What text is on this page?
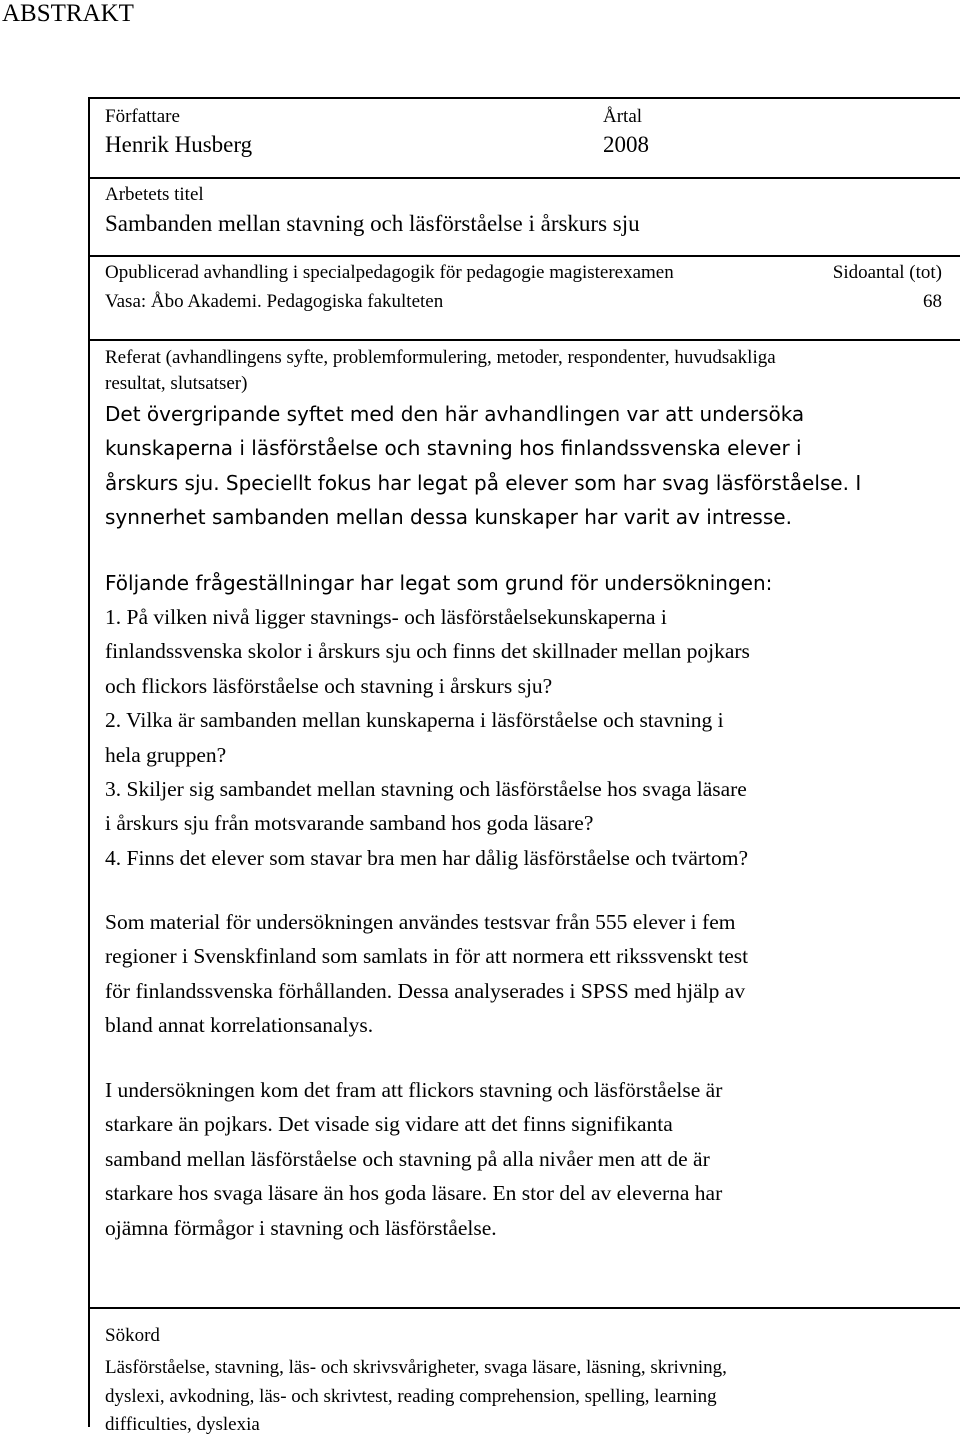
ABSTRAKT
Författare
Henrik Husberg
Årtal
2008
Arbetets titel
Sambanden mellan stavning och läsförståelse i årskurs sju
Opublicerad avhandling i specialpedagogik för pedagogie magisterexamen
Vasa: Åbo Akademi. Pedagogiska fakulteten
Sidoantal (tot)
68
Referat (avhandlingens syfte, problemformulering, metoder, respondenter, huvudsakliga
resultat, slutsatser)

Det övergripande syftet med den här avhandlingen var att undersöka

kunskaperna i läsförståelse och stavning hos finlandssvenska elever i

årskurs sju. Speciellt fokus har legat på elever som har svag läsförståelse. I

synnerhet sambanden mellan dessa kunskaper har varit av intresse.

Följande frågeställningar har legat som grund för undersökningen:

1. På vilken nivå ligger stavnings- och läsförståelsekunskaperna i

finlandssvenska skolor i årskurs sju och finns det skillnader mellan pojkars

och flickors läsförståelse och stavning i årskurs sju?

2. Vilka är sambanden mellan kunskaperna i läsförståelse och stavning i

hela gruppen?

3. Skiljer sig sambandet mellan stavning och läsförståelse hos svaga läsare

i årskurs sju från motsvarande samband hos goda läsare?

4. Finns det elever som stavar bra men har dålig läsförståelse och tvärtom?

Som material för undersökningen användes testsvar från 555 elever i fem

regioner i Svenskfinland som samlats in för att normera ett rikssvenskt test

för finlandssvenska förhållanden. Dessa analyserades i SPSS med hjälp av

bland annat korrelationsanalys.

I undersökningen kom det fram att flickors stavning och läsförståelse är

starkare än pojkars. Det visade sig vidare att det finns signifikanta

samband mellan läsförståelse och stavning på alla nivåer men att de är

starkare hos svaga läsare än hos goda läsare. En stor del av eleverna har

ojämna förmågor i stavning och läsförståelse.

Sökord

Läsförståelse, stavning, läs- och skrivsvårigheter, svaga läsare, läsning, skrivning,

dyslexi, avkodning, läs- och skrivtest, reading comprehension, spelling, learning

difficulties, dyslexia
